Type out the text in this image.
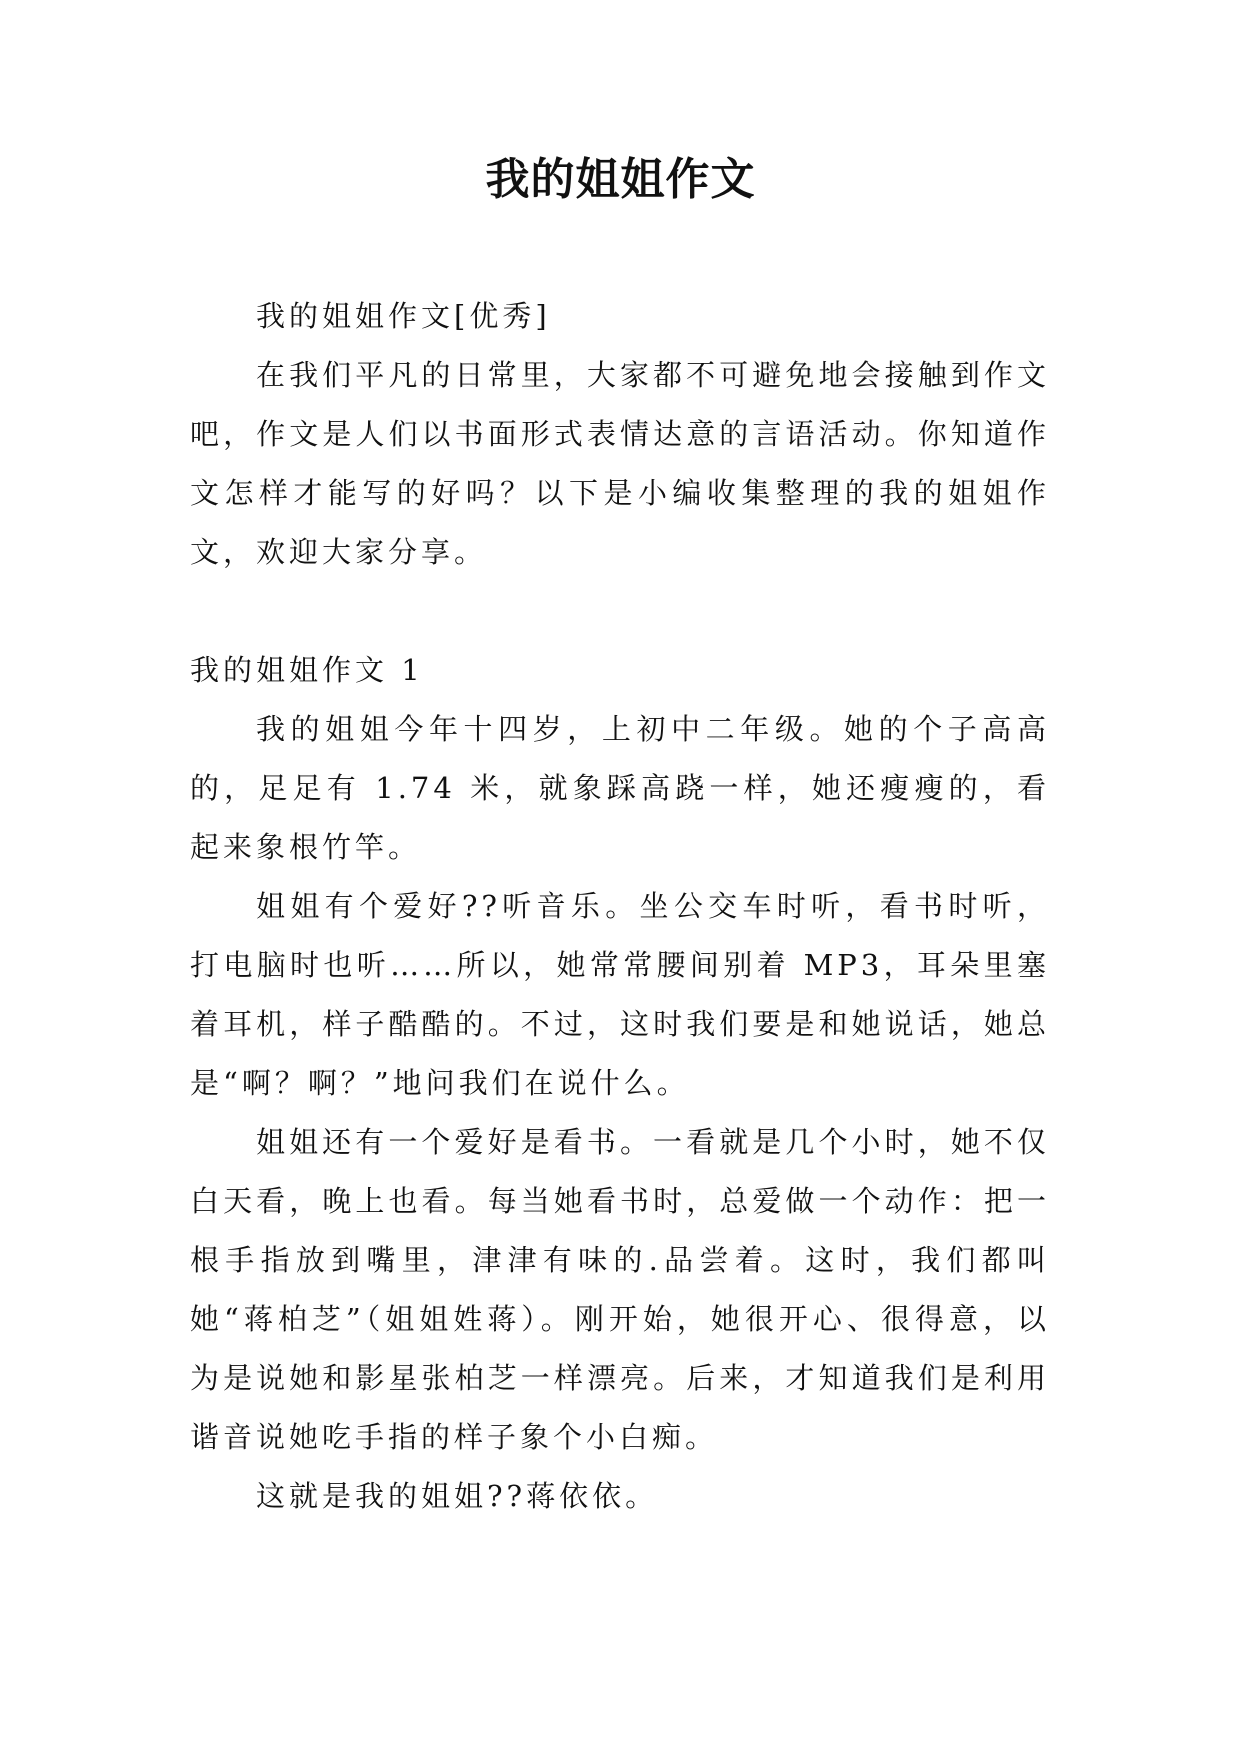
我的姐姐作文

我的姐姐作文[优秀]

在我们平凡的日常里，大家都不可避免地会接触到作文吧，作文是人们以书面形式表情达意的言语活动。你知道作文怎样才能写的好吗？以下是小编收集整理的我的姐姐作文，欢迎大家分享。

我的姐姐作文 1

我的姐姐今年十四岁，上初中二年级。她的个子高高的，足足有 1.74 米，就象踩高跷一样，她还瘦瘦的，看起来象根竹竿。

姐姐有个爱好??听音乐。坐公交车时听，看书时听，打电脑时也听……所以，她常常腰间别着 MP3，耳朵里塞着耳机，样子酷酷的。不过，这时我们要是和她说话，她总是“啊？啊？”地问我们在说什么。

姐姐还有一个爱好是看书。一看就是几个小时，她不仅白天看，晚上也看。每当她看书时，总爱做一个动作：把一根手指放到嘴里，津津有味的.品尝着。这时，我们都叫她“蒋柏芝”（姐姐姓蒋）。刚开始，她很开心、很得意，以为是说她和影星张柏芝一样漂亮。后来，才知道我们是利用谐音说她吃手指的样子象个小白痴。

这就是我的姐姐??蒋依依。
